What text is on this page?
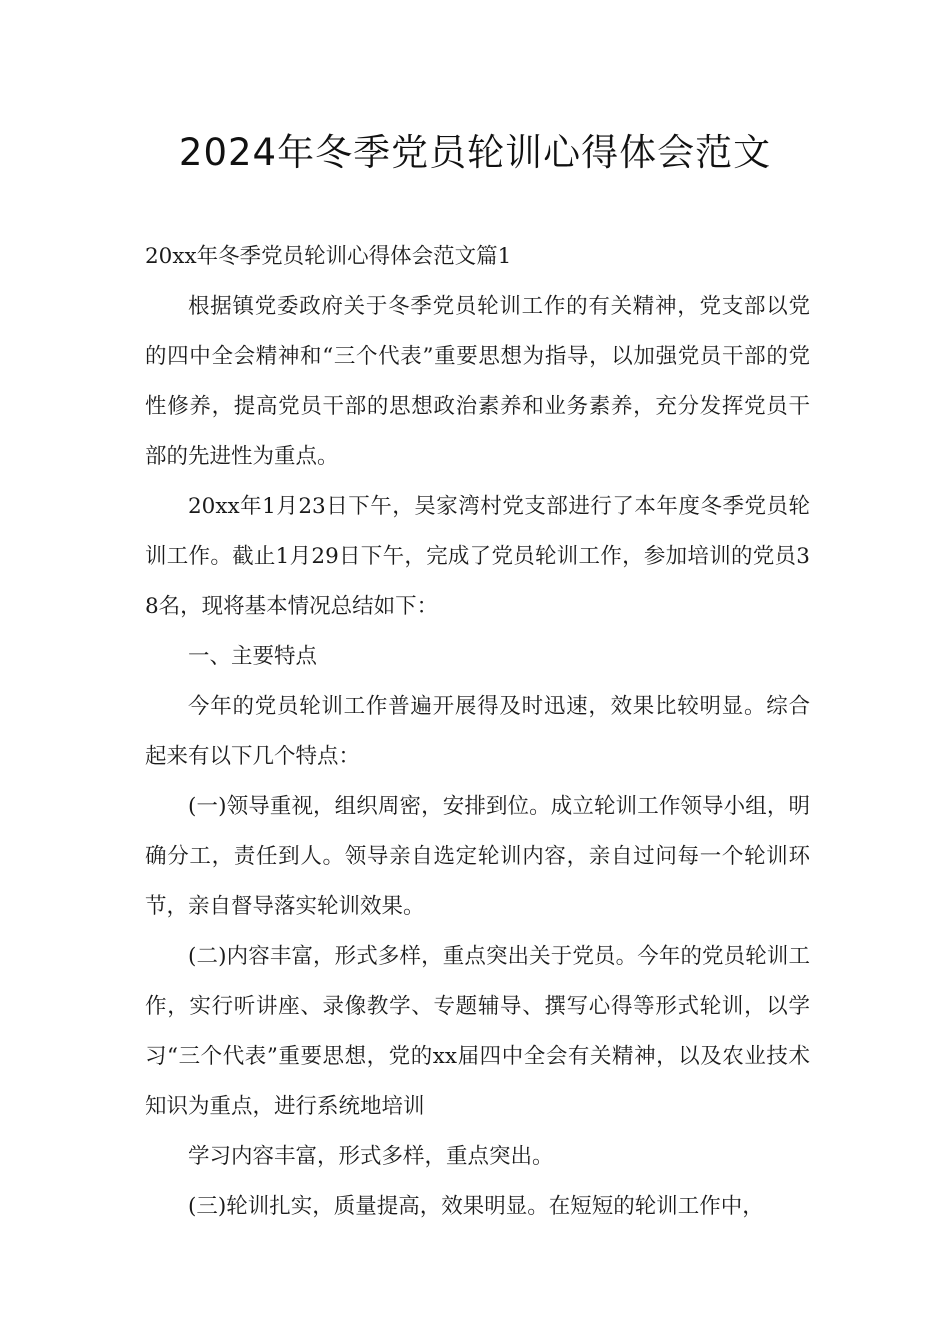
2024年冬季党员轮训心得体会范文

20xx年冬季党员轮训心得体会范文篇1

根据镇党委政府关于冬季党员轮训工作的有关精神，党支部以党的四中全会精神和“三个代表”重要思想为指导，以加强党员干部的党性修养，提高党员干部的思想政治素养和业务素养，充分发挥党员干部的先进性为重点。

20xx年1月23日下午，吴家湾村党支部进行了本年度冬季党员轮训工作。截止1月29日下午，完成了党员轮训工作，参加培训的党员38名，现将基本情况总结如下：

一、主要特点

今年的党员轮训工作普遍开展得及时迅速，效果比较明显。综合起来有以下几个特点：

(一)领导重视，组织周密，安排到位。成立轮训工作领导小组，明确分工，责任到人。领导亲自选定轮训内容，亲自过问每一个轮训环节，亲自督导落实轮训效果。

(二)内容丰富，形式多样，重点突出关于党员。今年的党员轮训工作，实行听讲座、录像教学、专题辅导、撰写心得等形式轮训，以学习“三个代表”重要思想，党的xx届四中全会有关精神，以及农业技术知识为重点，进行系统地培训

学习内容丰富，形式多样，重点突出。

(三)轮训扎实，质量提高，效果明显。在短短的轮训工作中，
